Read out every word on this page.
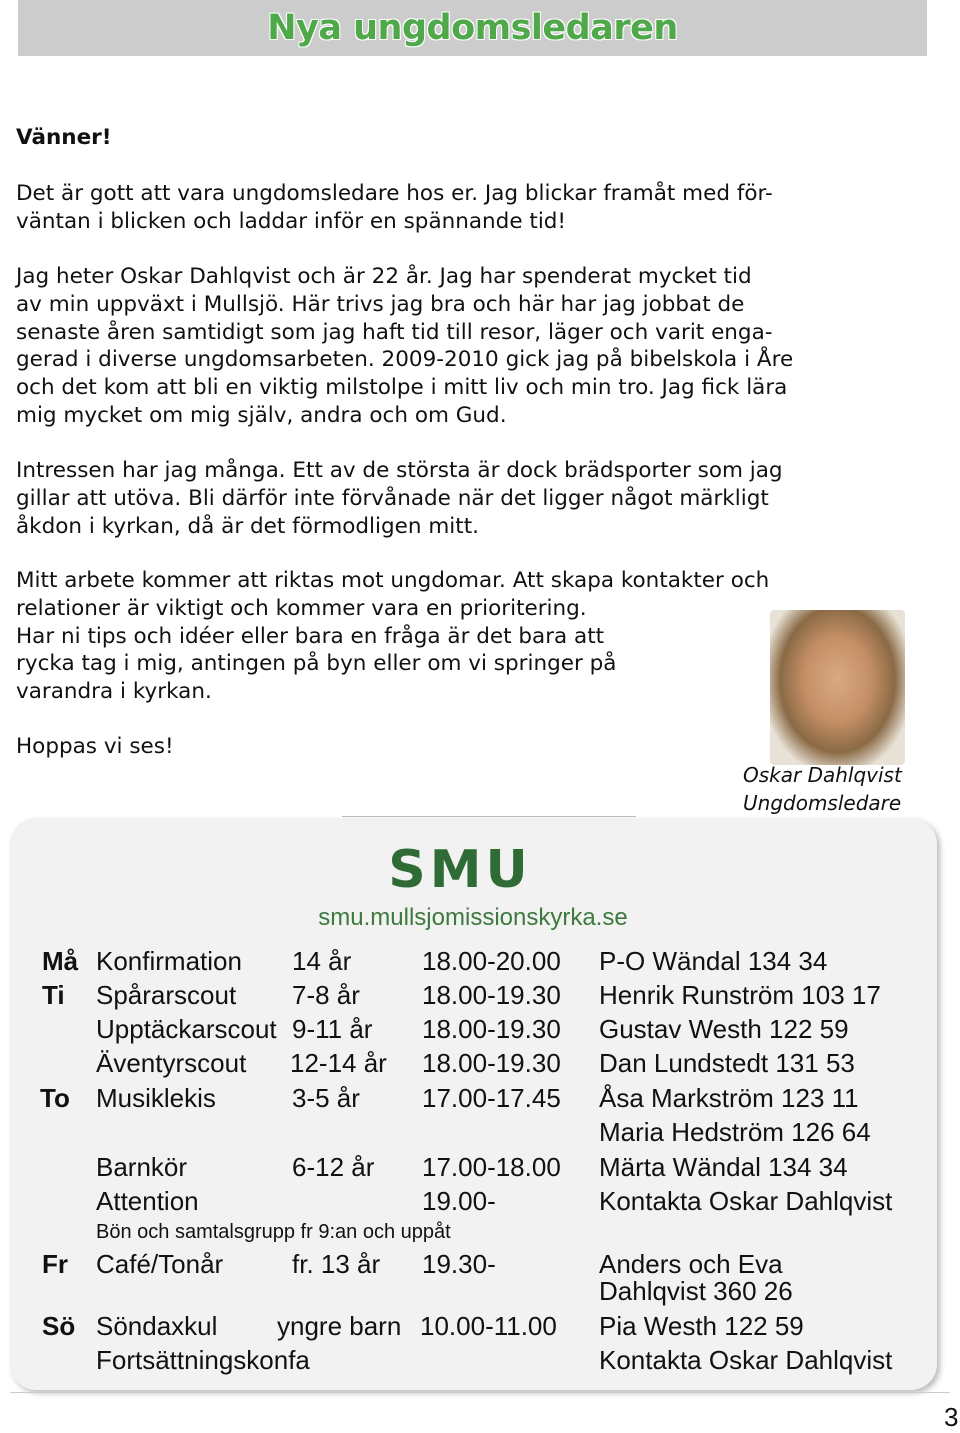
Nya ungdomsledaren
Vänner!
Det är gott att vara ungdomsledare hos er. Jag blickar framåt med för-
väntan i blicken och laddar inför en spännande tid!
Jag heter Oskar Dahlqvist och är 22 år. Jag har spenderat mycket tid
av min uppväxt i Mullsjö. Här trivs jag bra och här har jag jobbat de
senaste åren samtidigt som jag haft tid till resor, läger och varit enga-
gerad i diverse ungdomsarbeten. 2009-2010 gick jag på bibelskola i Åre
och det kom att bli en viktig milstolpe i mitt liv och min tro. Jag fick lära
mig mycket om mig själv, andra och om Gud.
Intressen har jag många. Ett av de största är dock brädsporter som jag
gillar att utöva. Bli därför inte förvånade när det ligger något märkligt
åkdon i kyrkan, då är det förmodligen mitt.
Mitt arbete kommer att riktas mot ungdomar. Att skapa kontakter och
relationer är viktigt och kommer vara en prioritering.
Har ni tips och idéer eller bara en fråga är det bara att
rycka tag i mig, antingen på byn eller om vi springer på
varandra i kyrkan.
Hoppas vi ses!
Oskar Dahlqvist
Ungdomsledare
SMU
smu.mullsjomissionskyrka.se
Må Konfirmation 14 år	18.00-20.00 P-O Wändal 134 34
Ti Spårarscout 7-8 år 18.00-19.30 Henrik Runström 103 17
Upptäckarscout 9-11 år 18.00-19.30 Gustav Westh 122 59
Äventyrscout 12-14 år 18.00-19.30 Dan Lundstedt 131 53
To Musiklekis	3-5 år 17.00-17.45 Åsa Markström 123 11
Maria Hedström 126 64
Barnkör	6-12 år 17.00-18.00 Märta Wändal 134 34
Attention	19.00-	Kontakta Oskar Dahlqvist
Fr Café/Tonår	fr. 13 år 19.30-	Anders och Eva
Dahlqvist 360 26
Sö Söndaxkul yngre barn 10.00-11.00 Pia Westh 122 59
Fortsättningskonfa	Kontakta Oskar Dahlqvist
Bön och samtalsgrupp fr 9:an och uppåt
3
